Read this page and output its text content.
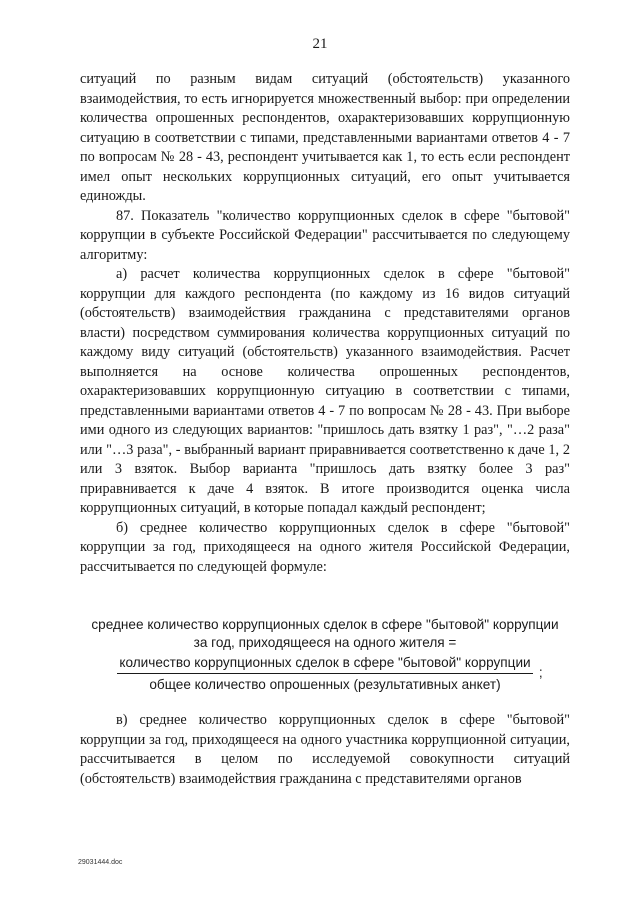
21

ситуаций по разным видам ситуаций (обстоятельств) указанного взаимодействия, то есть игнорируется множественный выбор: при определении количества опрошенных респондентов, охарактеризовавших коррупционную ситуацию в соответствии с типами, представленными вариантами ответов 4 - 7 по вопросам № 28 - 43, респондент учитывается как 1, то есть если респондент имел опыт нескольких коррупционных ситуаций, его опыт учитывается единожды.

87. Показатель "количество коррупционных сделок в сфере "бытовой" коррупции в субъекте Российской Федерации" рассчитывается по следующему алгоритму:

а) расчет количества коррупционных сделок в сфере "бытовой" коррупции для каждого респондента (по каждому из 16 видов ситуаций (обстоятельств) взаимодействия гражданина с представителями органов власти) посредством суммирования количества коррупционных ситуаций по каждому виду ситуаций (обстоятельств) указанного взаимодействия. Расчет выполняется на основе количества опрошенных респондентов, охарактеризовавших коррупционную ситуацию в соответствии с типами, представленными вариантами ответов 4 - 7 по вопросам № 28 - 43. При выборе ими одного из следующих вариантов: "пришлось дать взятку 1 раз", "…2 раза" или "…3 раза", - выбранный вариант приравнивается соответственно к даче 1, 2 или 3 взяток. Выбор варианта "пришлось дать взятку более 3 раз" приравнивается к даче 4 взяток. В итоге производится оценка числа коррупционных ситуаций, в которые попадал каждый респондент;

б) среднее количество коррупционных сделок в сфере "бытовой" коррупции за год, приходящееся на одного жителя Российской Федерации, рассчитывается по следующей формуле:

среднее количество коррупционных сделок в сфере "бытовой" коррупции
за год, приходящееся на одного жителя =
$\frac{\text{количество коррупционных сделок в сфере "бытовой" коррупции}}{\text{общее количество опрошенных (результативных анкет)}}$ ;

в) среднее количество коррупционных сделок в сфере "бытовой" коррупции за год, приходящееся на одного участника коррупционной ситуации, рассчитывается в целом по исследуемой совокупности ситуаций (обстоятельств) взаимодействия гражданина с представителями органов

29031444.doc
